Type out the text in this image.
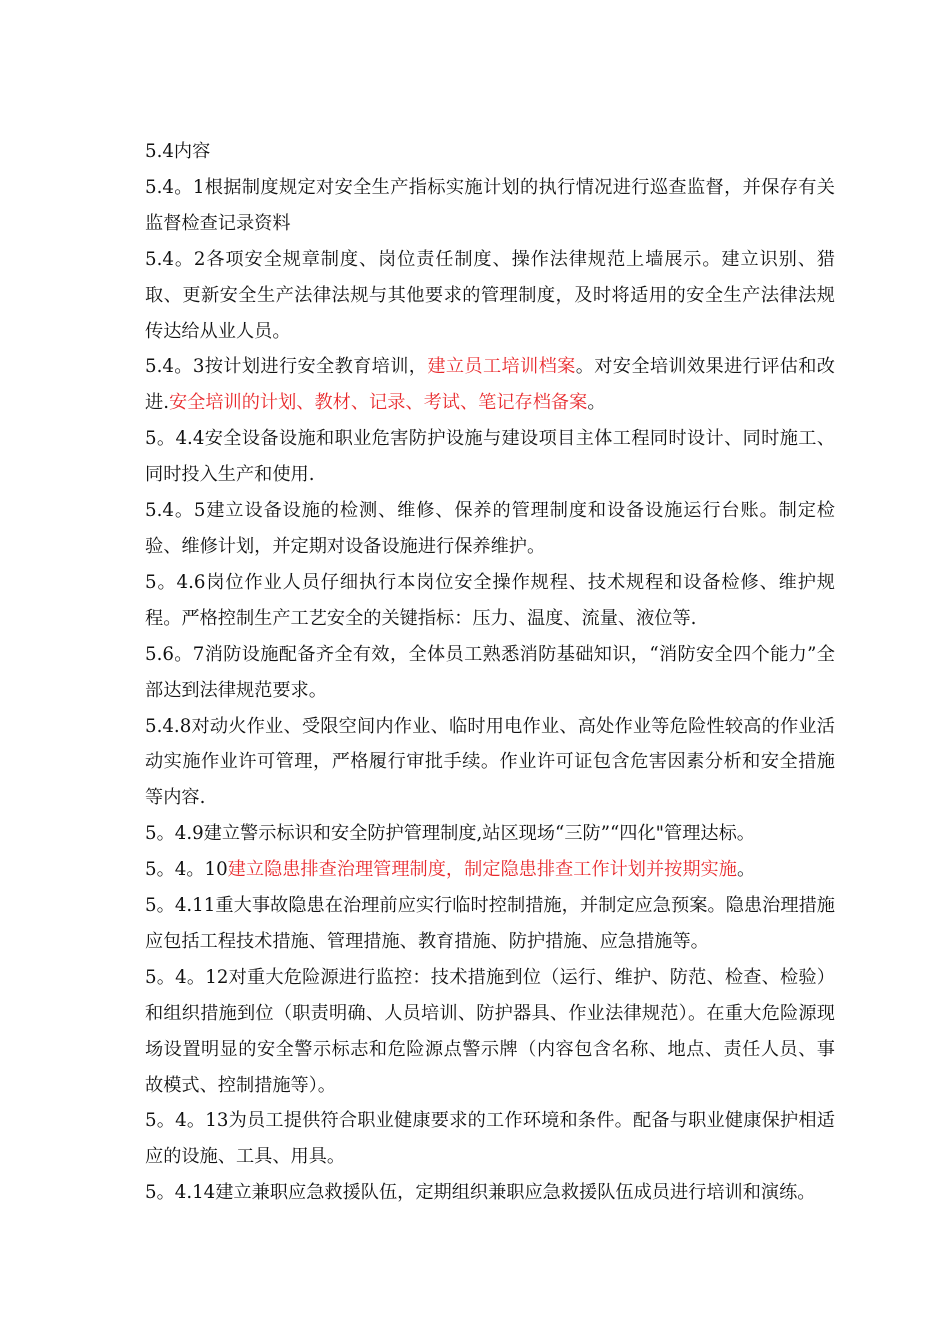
5.4内容

5.4。1根据制度规定对安全生产指标实施计划的执行情况进行巡查监督，并保存有关监督检查记录资料

5.4。2各项安全规章制度、岗位责任制度、操作法律规范上墙展示。建立识别、猎取、更新安全生产法律法规与其他要求的管理制度，及时将适用的安全生产法律法规传达给从业人员。

5.4。3按计划进行安全教育培训，建立员工培训档案。对安全培训效果进行评估和改进.安全培训的计划、教材、记录、考试、笔记存档备案。

5。4.4安全设备设施和职业危害防护设施与建设项目主体工程同时设计、同时施工、同时投入生产和使用.

5.4。5建立设备设施的检测、维修、保养的管理制度和设备设施运行台账。制定检验、维修计划，并定期对设备设施进行保养维护。

5。4.6岗位作业人员仔细执行本岗位安全操作规程、技术规程和设备检修、维护规程。严格控制生产工艺安全的关键指标：压力、温度、流量、液位等.

5.6。7消防设施配备齐全有效，全体员工熟悉消防基础知识，“消防安全四个能力”全部达到法律规范要求。

5.4.8对动火作业、受限空间内作业、临时用电作业、高处作业等危险性较高的作业活动实施作业许可管理，严格履行审批手续。作业许可证包含危害因素分析和安全措施等内容.

5。4.9建立警示标识和安全防护管理制度,站区现场“三防”“四化"管理达标。

5。4。10建立隐患排查治理管理制度，制定隐患排查工作计划并按期实施。

5。4.11重大事故隐患在治理前应实行临时控制措施，并制定应急预案。隐患治理措施应包括工程技术措施、管理措施、教育措施、防护措施、应急措施等。

5。4。12对重大危险源进行监控：技术措施到位（运行、维护、防范、检查、检验）和组织措施到位（职责明确、人员培训、防护器具、作业法律规范）。在重大危险源现场设置明显的安全警示标志和危险源点警示牌（内容包含名称、地点、责任人员、事故模式、控制措施等）。

5。4。13为员工提供符合职业健康要求的工作环境和条件。配备与职业健康保护相适应的设施、工具、用具。

5。4.14建立兼职应急救援队伍，定期组织兼职应急救援队伍成员进行培训和演练。
